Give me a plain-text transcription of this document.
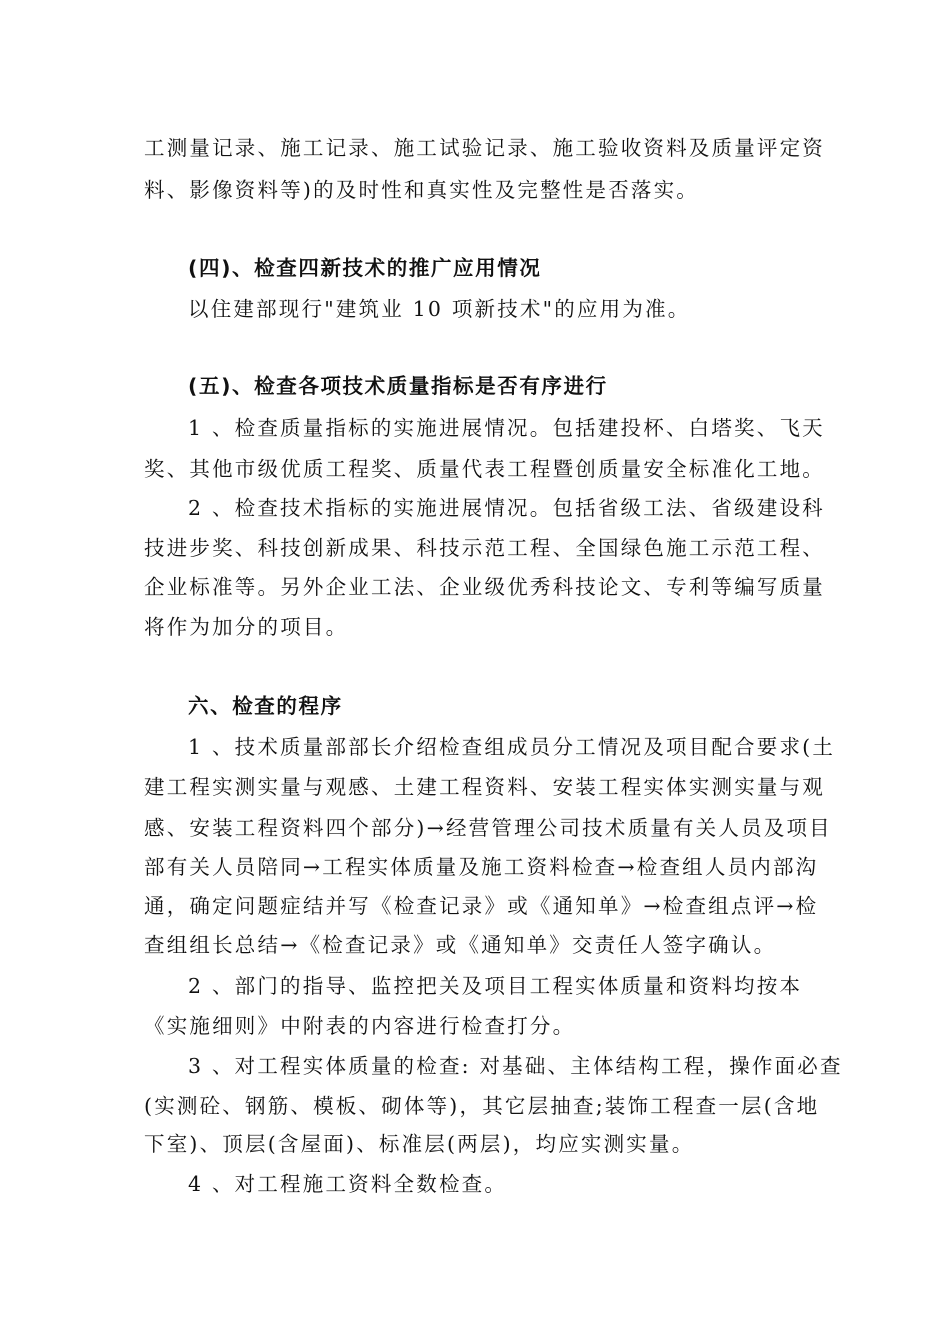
工测量记录、施工记录、施工试验记录、施工验收资料及质量评定资
料、影像资料等)的及时性和真实性及完整性是否落实。
(四)、检查四新技术的推广应用情况
以住建部现行"建筑业 10 项新技术"的应用为准。
(五)、检查各项技术质量指标是否有序进行
1 、检查质量指标的实施进展情况。包括建投杯、白塔奖、飞天
奖、其他市级优质工程奖、质量代表工程暨创质量安全标准化工地。
2 、检查技术指标的实施进展情况。包括省级工法、省级建设科
技进步奖、科技创新成果、科技示范工程、全国绿色施工示范工程、
企业标准等。另外企业工法、企业级优秀科技论文、专利等编写质量
将作为加分的项目。
六、检查的程序
1 、技术质量部部长介绍检查组成员分工情况及项目配合要求(土
建工程实测实量与观感、土建工程资料、安装工程实体实测实量与观
感、安装工程资料四个部分)→经营管理公司技术质量有关人员及项目
部有关人员陪同→工程实体质量及施工资料检查→检查组人员内部沟
通，确定问题症结并写《检查记录》或《通知单》→检查组点评→检
查组组长总结→《检查记录》或《通知单》交责任人签字确认。
2 、部门的指导、监控把关及项目工程实体质量和资料均按本
《实施细则》中附表的内容进行检查打分。
3 、对工程实体质量的检查: 对基础、主体结构工程，操作面必查
(实测砼、钢筋、模板、砌体等)，其它层抽查;装饰工程查一层(含地
下室)、顶层(含屋面)、标准层(两层)，均应实测实量。
4 、对工程施工资料全数检查。
